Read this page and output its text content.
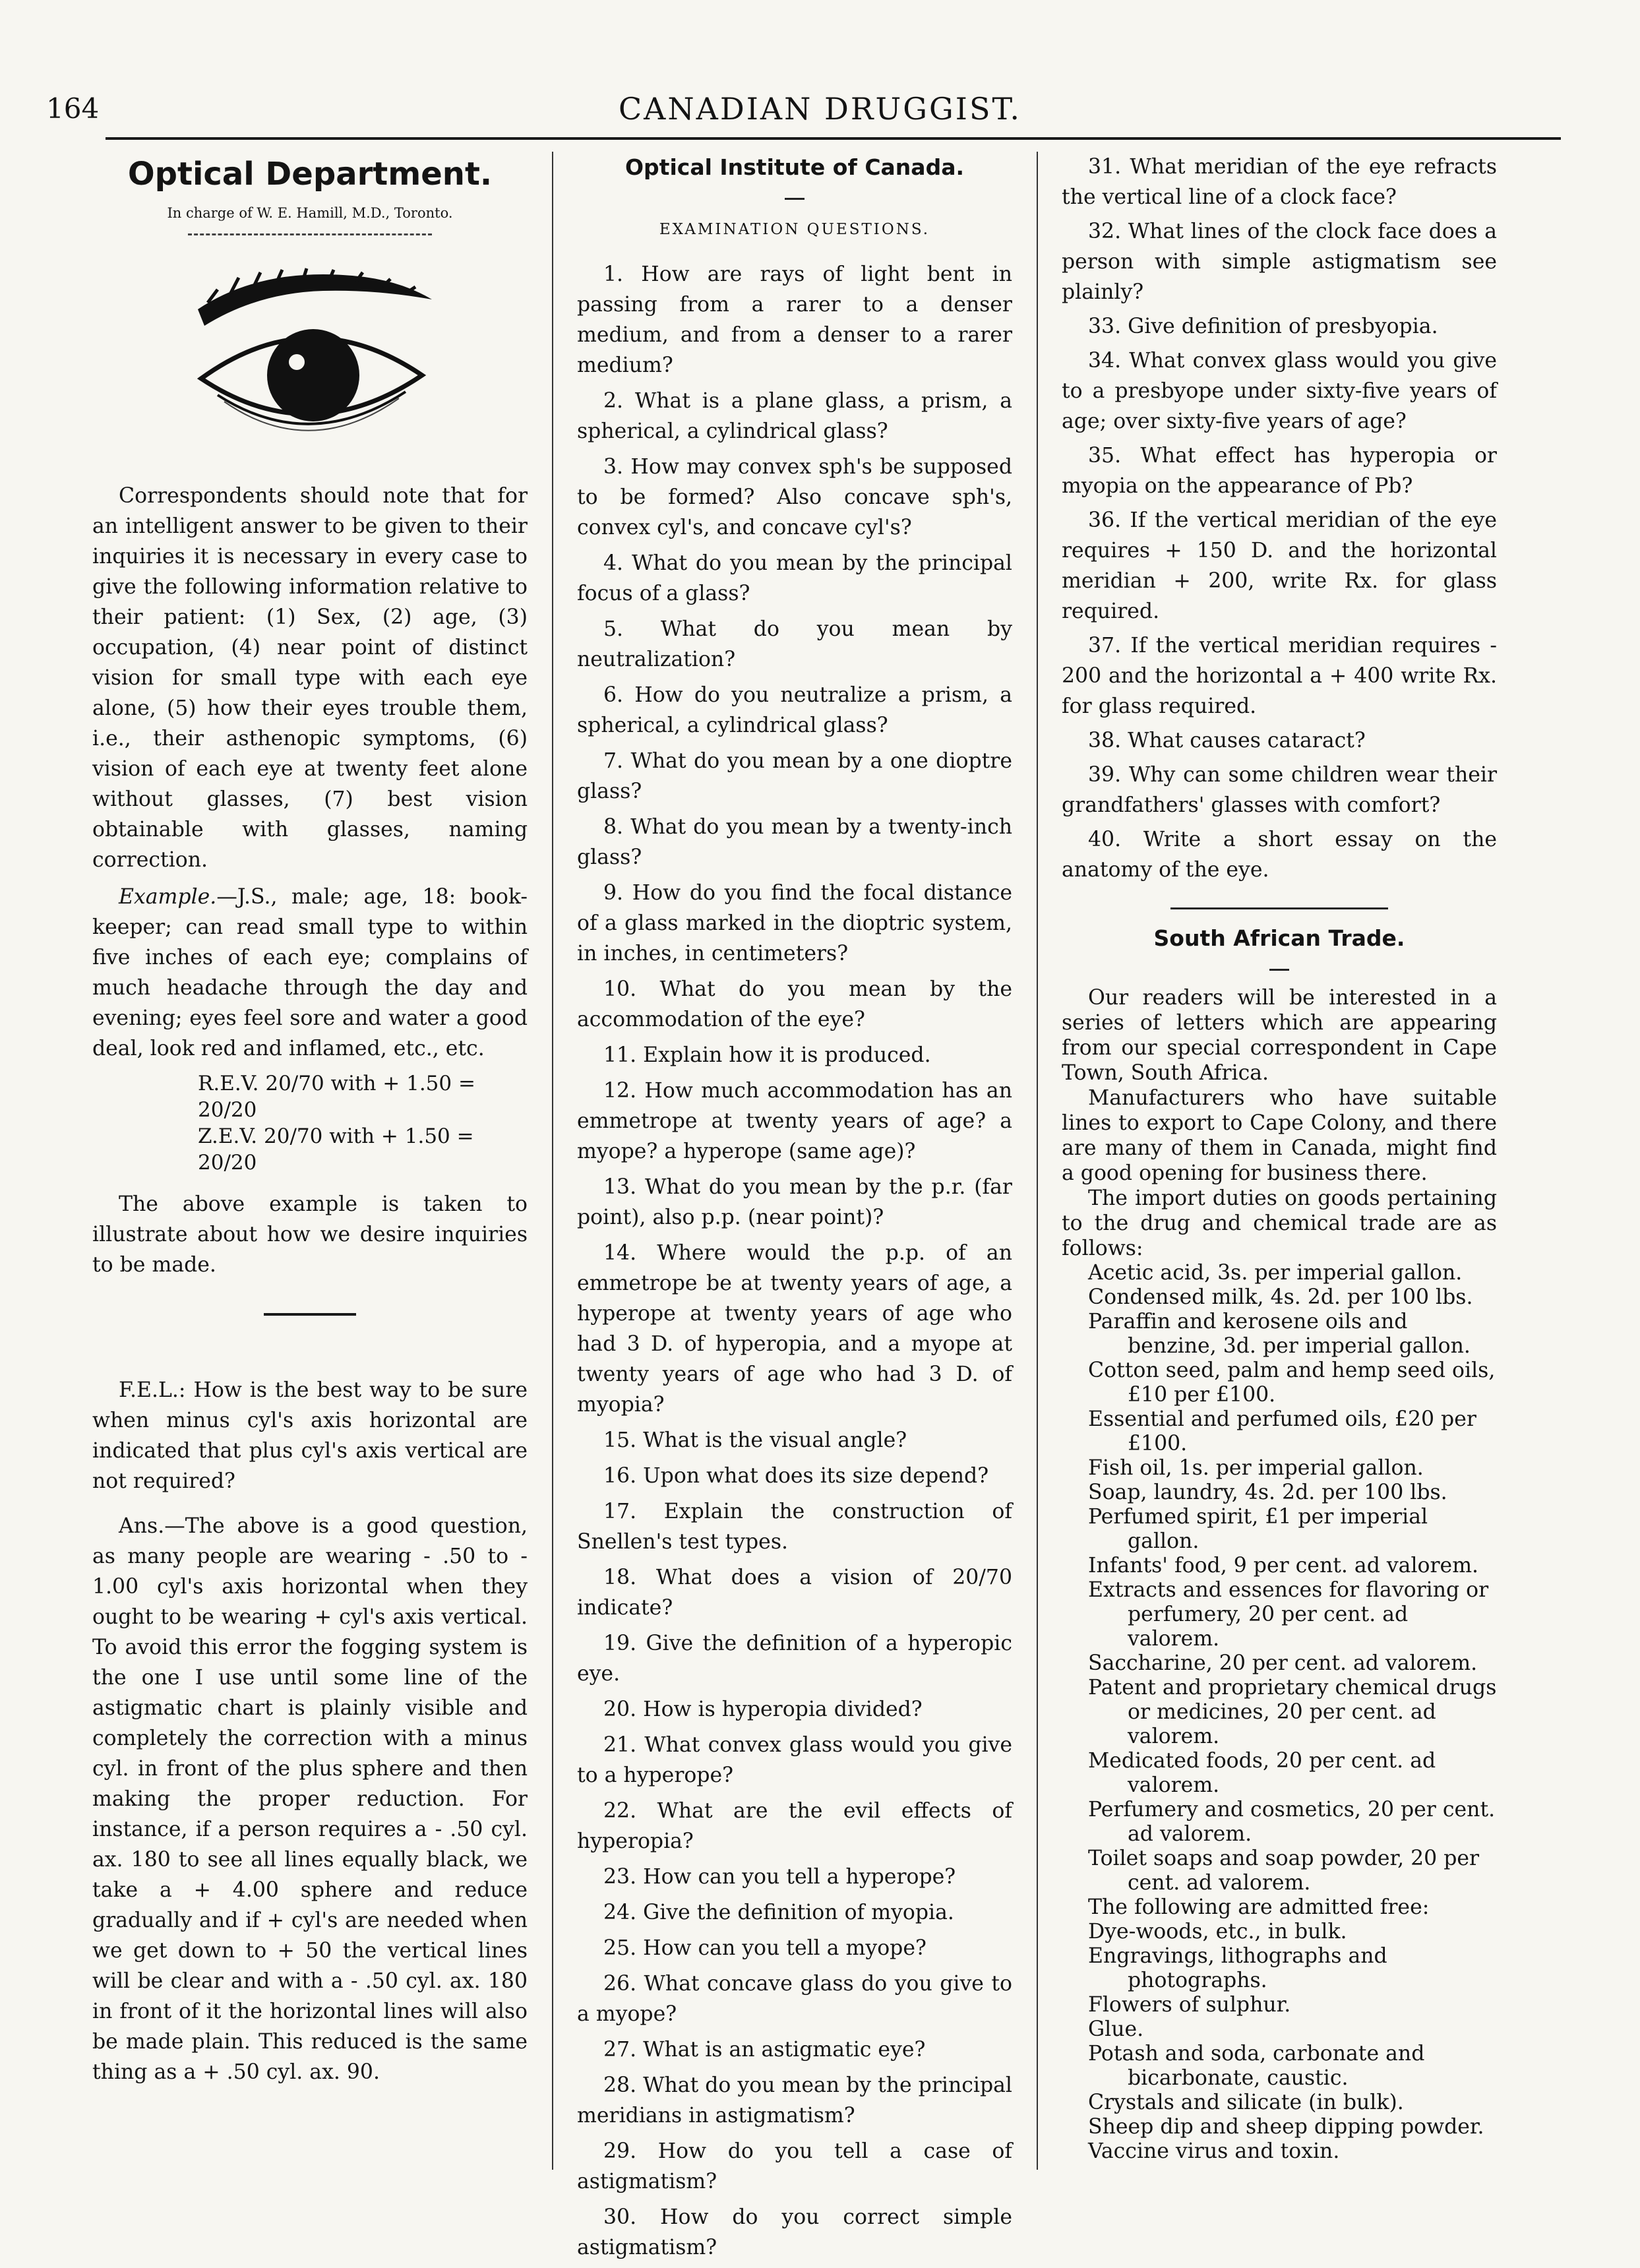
164	CANADIAN DRUGGIST.
Optical Department.
In charge of W. E. Hamill, M.D., Toronto.

Correspondents should note that for an intelligent answer to be given to their inquiries it is necessary in every case to give the following information relative to their patient: (1) Sex, (2) age, (3) occupation, (4) near point of distinct vision for small type with each eye alone, (5) how their eyes trouble them, i.e., their asthenopic symptoms, (6) vision of each eye at twenty feet alone without glasses, (7) best vision obtainable with glasses, naming correction.

Example.—J.S., male; age, 18: book-keeper; can read small type to within five inches of each eye; complains of much headache through the day and evening; eyes feel sore and water a good deal, look red and inflamed, etc., etc.

R.E.V. 20/70 with + 1.50 = 20/20
Z.E.V. 20/70 with + 1.50 = 20/20

The above example is taken to illustrate about how we desire inquiries to be made.

F.E.L.: How is the best way to be sure when minus cyl's axis horizontal are indicated that plus cyl's axis vertical are not required?

Ans.—The above is a good question, as many people are wearing - .50 to - 1.00 cyl's axis horizontal when they ought to be wearing + cyl's axis vertical. To avoid this error the fogging system is the one I use until some line of the astigmatic chart is plainly visible and completely the correction with a minus cyl. in front of the plus sphere and then making the proper reduction. For instance, if a person requires a - .50 cyl. ax. 180 to see all lines equally black, we take a + 4.00 sphere and reduce gradually and if + cyl's are needed when we get down to + 50 the vertical lines will be clear and with a - .50 cyl. ax. 180 in front of it the horizontal lines will also be made plain. This reduced is the same thing as a + .50 cyl. ax. 90.

Optical Institute of Canada.
EXAMINATION QUESTIONS.

1. How are rays of light bent in passing from a rarer to a denser medium, and from a denser to a rarer medium?

2. What is a plane glass, a prism, a spherical, a cylindrical glass?

3. How may convex sph's be supposed to be formed? Also concave sph's, convex cyl's, and concave cyl's?

4. What do you mean by the principal focus of a glass?

5. What do you mean by neutralization?

6. How do you neutralize a prism, a spherical, a cylindrical glass?

7. What do you mean by a one dioptre glass?

8. What do you mean by a twenty-inch glass?

9. How do you find the focal distance of a glass marked in the dioptric system, in inches, in centimeters?

10. What do you mean by the accommodation of the eye?

11. Explain how it is produced.

12. How much accommodation has an emmetrope at twenty years of age? a myope? a hyperope (same age)?

13. What do you mean by the p.r. (far point), also p.p. (near point)?

14. Where would the p.p. of an emmetrope be at twenty years of age, a hyperope at twenty years of age who had 3 D. of hyperopia, and a myope at twenty years of age who had 3 D. of myopia?

15. What is the visual angle?

16. Upon what does its size depend?

17. Explain the construction of Snellen's test types.

18. What does a vision of 20/70 indicate?

19. Give the definition of a hyperopic eye.

20. How is hyperopia divided?

21. What convex glass would you give to a hyperope?

22. What are the evil effects of hyperopia?

23. How can you tell a hyperope?

24. Give the definition of myopia.

25. How can you tell a myope?

26. What concave glass do you give to a myope?

27. What is an astigmatic eye?

28. What do you mean by the principal meridians in astigmatism?

29. How do you tell a case of astigmatism?

30. How do you correct simple astigmatism?

31. What meridian of the eye refracts the vertical line of a clock face?

32. What lines of the clock face does a person with simple astigmatism see plainly?

33. Give definition of presbyopia.

34. What convex glass would you give to a presbyope under sixty-five years of age; over sixty-five years of age?

35. What effect has hyperopia or myopia on the appearance of Pb?

36. If the vertical meridian of the eye requires + 150 D. and the horizontal meridian + 200, write Rx. for glass required.

37. If the vertical meridian requires - 200 and the horizontal a + 400 write Rx. for glass required.

38. What causes cataract?

39. Why can some children wear their grandfathers' glasses with comfort?

40. Write a short essay on the anatomy of the eye.

South African Trade.

Our readers will be interested in a series of letters which are appearing from our special correspondent in Cape Town, South Africa.

Manufacturers who have suitable lines to export to Cape Colony, and there are many of them in Canada, might find a good opening for business there.

The import duties on goods pertaining to the drug and chemical trade are as follows:

Acetic acid, 3s. per imperial gallon.

Condensed milk, 4s. 2d. per 100 lbs.

Paraffin and kerosene oils and benzine, 3d. per imperial gallon.

Cotton seed, palm and hemp seed oils, £10 per £100.

Essential and perfumed oils, £20 per £100.

Fish oil, 1s. per imperial gallon.

Soap, laundry, 4s. 2d. per 100 lbs.

Perfumed spirit, £1 per imperial gallon.

Infants' food, 9 per cent. ad valorem.

Extracts and essences for flavoring or perfumery, 20 per cent. ad valorem.

Saccharine, 20 per cent. ad valorem.

Patent and proprietary chemical drugs or medicines, 20 per cent. ad valorem.

Medicated foods, 20 per cent. ad valorem.

Perfumery and cosmetics, 20 per cent. ad valorem.

Toilet soaps and soap powder, 20 per cent. ad valorem.

The following are admitted free:

Dye-woods, etc., in bulk.

Engravings, lithographs and photographs.

Flowers of sulphur.

Glue.

Potash and soda, carbonate and bicarbonate, caustic.

Crystals and silicate (in bulk).

Sheep dip and sheep dipping powder.

Vaccine virus and toxin.
